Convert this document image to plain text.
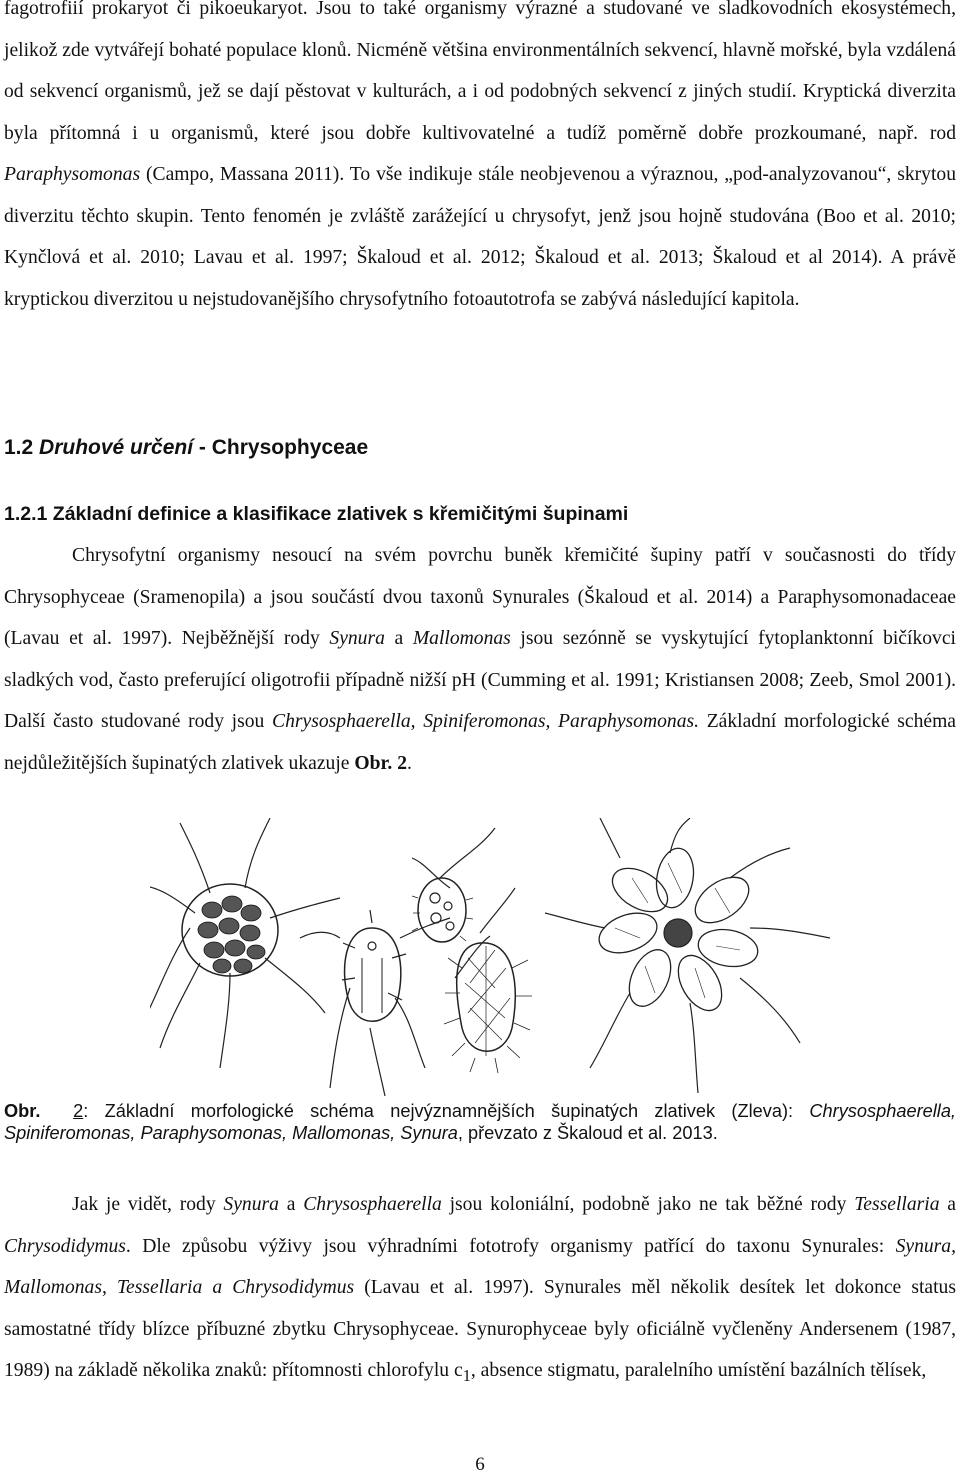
fagotrofiií prokaryot či pikoeukaryot. Jsou to také organismy výrazné a studované ve sladkovodních ekosystémech, jelikož zde vytvářejí bohaté populace klonů. Nicméně většina environmentálních sekvencí, hlavně mořské, byla vzdálená od sekvencí organismů, jež se dají pěstovat v kulturách, a i od podobných sekvencí z jiných studií. Kryptická diverzita byla přítomná i u organismů, které jsou dobře kultivovatelné a tudíž poměrně dobře prozkoumané, např. rod Paraphysomonas (Campo, Massana 2011). To vše indikuje stále neobjevenou a výraznou, „pod-analyzovanou“, skrytou diverzitu těchto skupin. Tento fenomén je zvláště zarážející u chrysofyt, jenž jsou hojně studována (Boo et al. 2010; Kynčlová et al. 2010; Lavau et al. 1997; Škaloud et al. 2012; Škaloud et al. 2013; Škaloud et al 2014). A právě kryptickou diverzitou u nejstudovanějšího chrysofytního fotoautotrofa se zabývá následující kapitola.

1.2 Druhové určení - Chrysophyceae
1.2.1 Základní definice a klasifikace zlativek s křemičitými šupinami

Chrysofytní organismy nesoucí na svém povrchu buněk křemičité šupiny patří v současnosti do třídy Chrysophyceae (Sramenopila) a jsou součástí dvou taxonů Synurales (Škaloud et al. 2014) a Paraphysomonadaceae (Lavau et al. 1997). Nejběžnější rody Synura a Mallomonas jsou sezónně se vyskytující fytoplanktonní bičíkovci sladkých vod, často preferující oligotrofii případně nižší pH (Cumming et al. 1991; Kristiansen 2008; Zeeb, Smol 2001). Další často studované rody jsou Chrysosphaerella, Spiniferomonas, Paraphysomonas. Základní morfologické schéma nejdůležitějších šupinatých zlativek ukazuje Obr. 2.

Obr. 2: Základní morfologické schéma nejvýznamnějších šupinatých zlativek (Zleva): Chrysosphaerella, Spiniferomonas, Paraphysomonas, Mallomonas, Synura, převzato z Škaloud et al. 2013.

Jak je vidět, rody Synura a Chrysosphaerella jsou koloniální, podobně jako ne tak běžné rody Tessellaria a Chrysodidymus. Dle způsobu výživy jsou výhradními fototrofy organismy patřící do taxonu Synurales: Synura, Mallomonas, Tessellaria a Chrysodidymus (Lavau et al. 1997). Synurales měl několik desítek let dokonce status samostatné třídy blízce příbuzné zbytku Chrysophyceae. Synurophyceae byly oficiálně vyčleněny Andersenem (1987, 1989) na základě několika znaků: přítomnosti chlorofylu $c_1$, absence stigmatu, paralelního umístění bazálních tělísek,

6
